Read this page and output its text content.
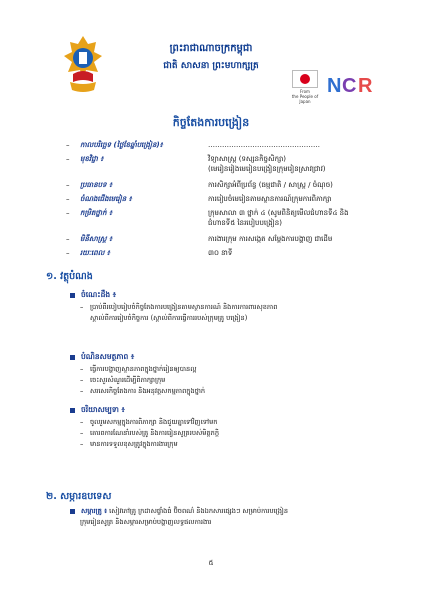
ព្រះរាជាណាចក្រកម្ពុជា
ជាតិ សាសនា ព្រះមហាក្សត្រ
From
the People of Japan
N C R
កិច្ចតែងការបង្រៀន
– កាលបរិច្ឆេទ (ថ្ងៃខែឆ្នាំបង្រៀន)៖	…………………………………………
– មុខវិជ្ជា ៖	វិទ្យាសាស្ត្រ (ទស្សនកិច្ចសិក្សា)
(មេរៀនរៀងមេរៀនបង្រៀនក្រុមរៀនស្រាវជ្រាវ)
– ប្រធានបទ ៖	ការសិក្សាអំពីប្រព័ន្ធ (ធម្មជាតិ / សាស្ត្រ / ចំណុច)
– ចំណងជើងមេរៀន ៖	ការរៀបចំមេរៀនតាមស្ថានការណ៍ក្រុមការពិភាក្សា
– កម្រិតថ្នាក់ ៖	ក្រុមសាលា ៣ ថ្នាក់ ៤ (សូមពិនិត្យមើលជំហានទី៤ និង
ជំហានទី៥ នៃរបៀបបង្រៀន)
– មិនីសាស្ត្រ ៖	ការងារក្រុម ការសង្កេត សម្តែងការបង្ហាញ ជាដើម
– រយៈពេល ៖	៣០ នាទី
១. វត្ថុបំណង
ចំណេះដឹង ៖
– ប្រាប់ពីរបៀបរៀបចំកិច្ចតែងការបង្រៀនតាមស្ថានការណ៍ និងការការពារសុខភាព
ស្គាល់ពីការរៀបចំកិច្ចការ (ស្គាល់ពីការធ្វើការរបស់ក្រុមគ្រូ បង្រៀន)
បំណិនសមត្ថភាព ៖
– ធ្វើការបង្ហាញស្ថានភាពក្នុងថ្នាក់រៀនឲ្យបានល្អ
– ចេះសួរសំណួរដើម្បីពិភាក្សាក្រុម
– សរសេរកិច្ចតែងការ និងអនុវត្តសកម្មភាពក្នុងថ្នាក់
ចរិយាសម្បទា ៖
– ចូលរួមសកម្មក្នុងការពិភាក្សា និងជួយគ្នាទៅវិញទៅមក
– គោរពការណែនាំរបស់គ្រូ និងការរៀនសូត្ររបស់មិត្តភក្តិ
– មានការទទួលខុសត្រូវក្នុងការងារក្រុម
២. សម្ភារឧបទេស
សម្ភារគ្រូ ៖ សៀវភៅគ្រូ ក្រដាសផ្ទាំងធំ ប៊ិចពណ៌ និងឯកសារផ្សេងៗ សម្រាប់ការបង្រៀន
ក្រុមរៀនសូត្រ និងសម្ភារសម្រាប់បង្ហាញលទ្ធផលការងារ
៥
